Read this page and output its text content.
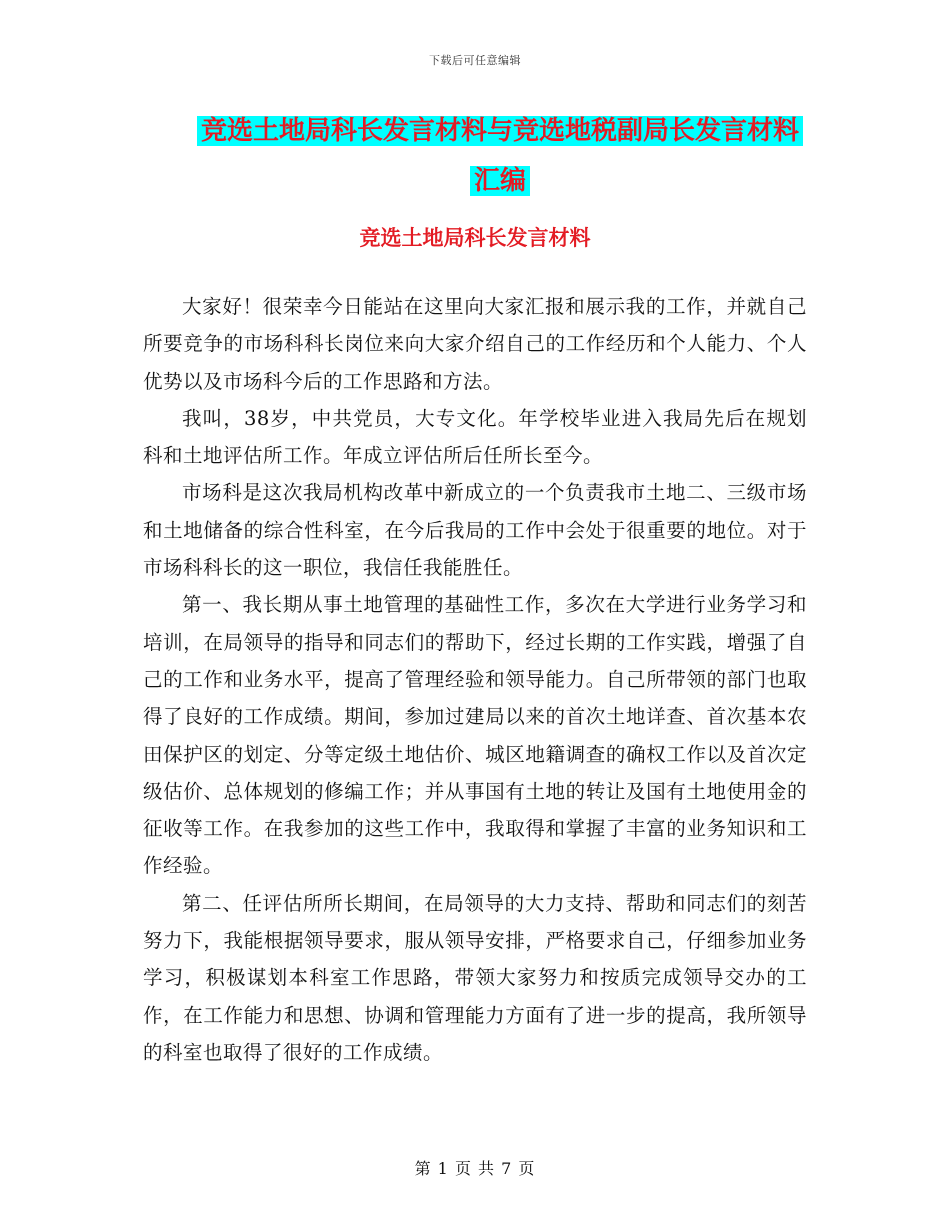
下载后可任意编辑
竞选土地局科长发言材料与竞选地税副局长发言材料
汇编
竞选土地局科长发言材料

大家好！很荣幸今日能站在这里向大家汇报和展示我的工作，并就自己所要竞争的市场科科长岗位来向大家介绍自己的工作经历和个人能力、个人优势以及市场科今后的工作思路和方法。

我叫，38岁，中共党员，大专文化。年学校毕业进入我局先后在规划科和土地评估所工作。年成立评估所后任所长至今。

市场科是这次我局机构改革中新成立的一个负责我市土地二、三级市场和土地储备的综合性科室，在今后我局的工作中会处于很重要的地位。对于市场科科长的这一职位，我信任我能胜任。

第一、我长期从事土地管理的基础性工作，多次在大学进行业务学习和培训，在局领导的指导和同志们的帮助下，经过长期的工作实践，增强了自己的工作和业务水平，提高了管理经验和领导能力。自己所带领的部门也取得了良好的工作成绩。期间，参加过建局以来的首次土地详查、首次基本农田保护区的划定、分等定级土地估价、城区地籍调查的确权工作以及首次定级估价、总体规划的修编工作；并从事国有土地的转让及国有土地使用金的征收等工作。在我参加的这些工作中，我取得和掌握了丰富的业务知识和工作经验。

第二、任评估所所长期间，在局领导的大力支持、帮助和同志们的刻苦努力下，我能根据领导要求，服从领导安排，严格要求自己，仔细参加业务学习，积极谋划本科室工作思路，带领大家努力和按质完成领导交办的工作，在工作能力和思想、协调和管理能力方面有了进一步的提高，我所领导的科室也取得了很好的工作成绩。

第 1 页 共 7 页
